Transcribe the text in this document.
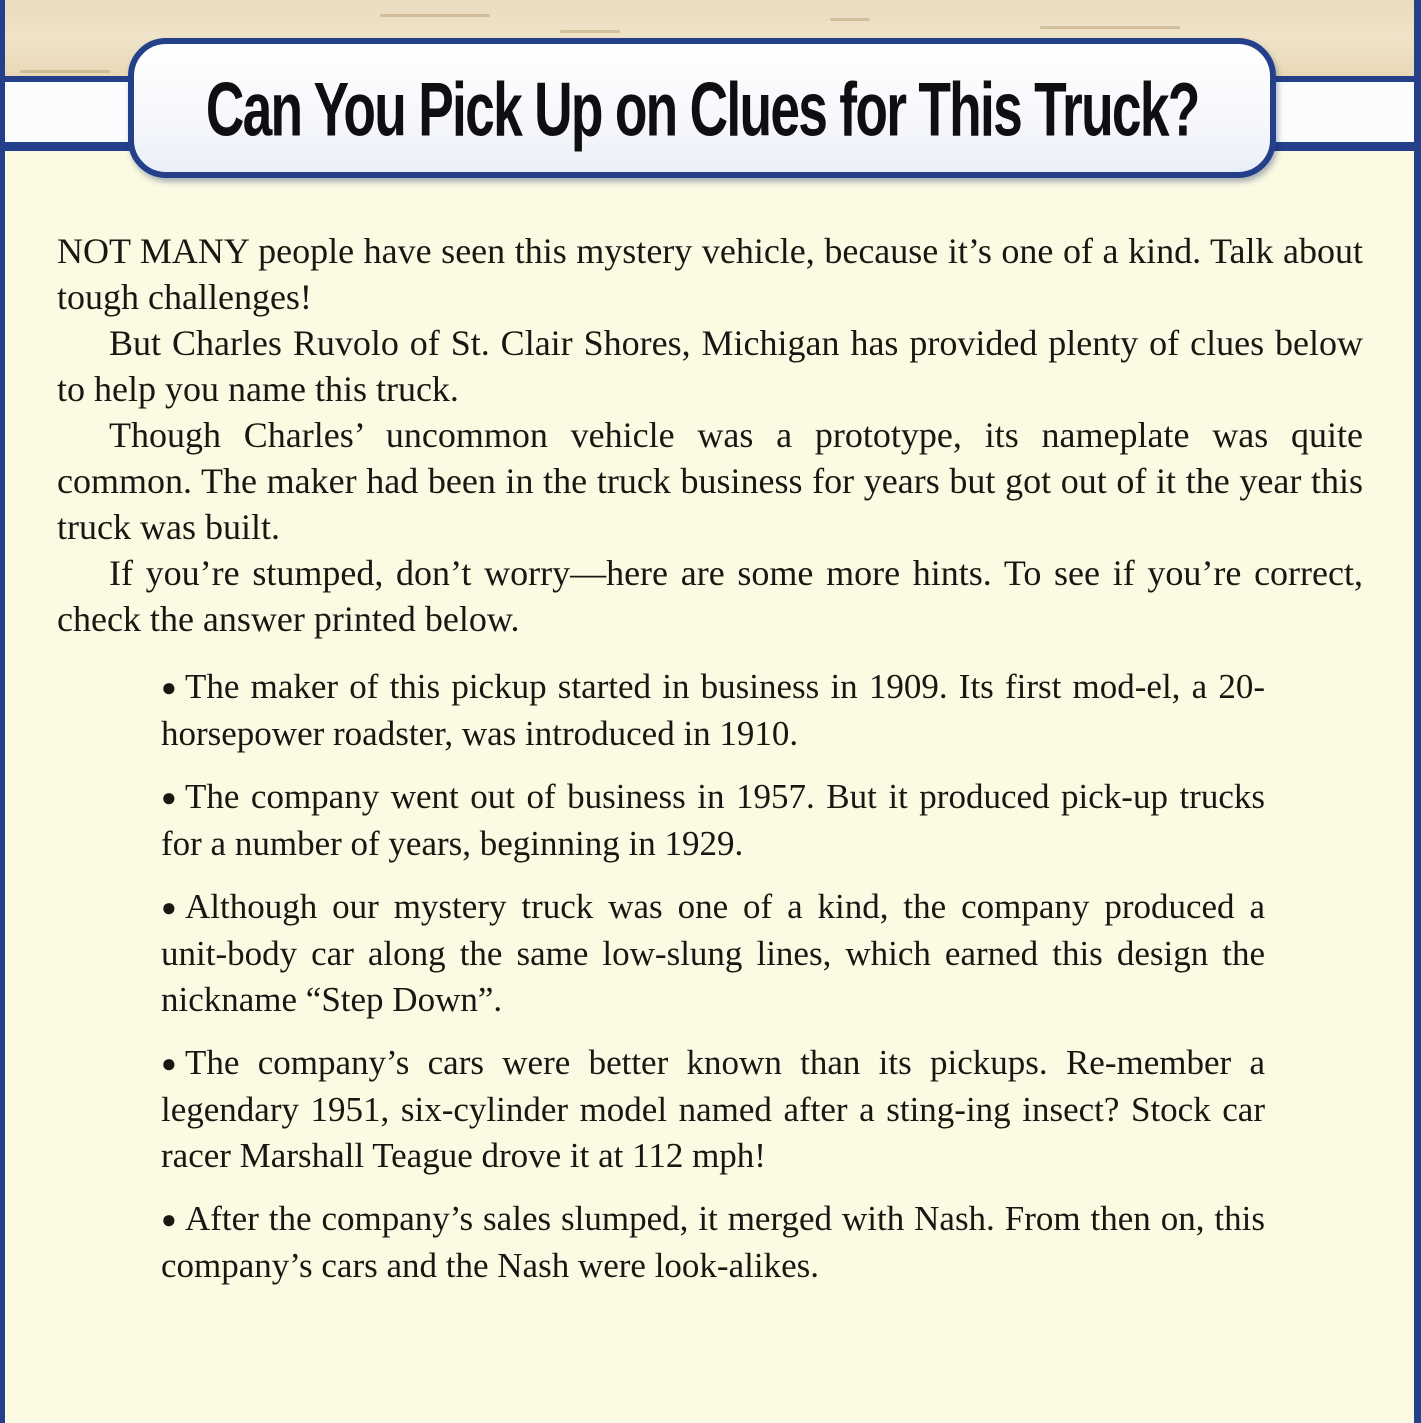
Can You Pick Up on Clues for This Truck?

NOT MANY people have seen this mystery vehicle, because it’s one of a kind. Talk about tough challenges!

But Charles Ruvolo of St. Clair Shores, Michigan has provided plenty of clues below to help you name this truck.

Though Charles’ uncommon vehicle was a prototype, its nameplate was quite common. The maker had been in the truck business for years but got out of it the year this truck was built.

If you’re stumped, don’t worry—here are some more hints. To see if you’re correct, check the answer printed below.

● The maker of this pickup started in business in 1909. Its first mod-el, a 20-horsepower roadster, was introduced in 1910.

● The company went out of business in 1957. But it produced pick-up trucks for a number of years, beginning in 1929.

● Although our mystery truck was one of a kind, the company produced a unit-body car along the same low-slung lines, which earned this design the nickname “Step Down”.

● The company’s cars were better known than its pickups. Re-member a legendary 1951, six-cylinder model named after a sting-ing insect? Stock car racer Marshall Teague drove it at 112 mph!

● After the company’s sales slumped, it merged with Nash. From then on, this company’s cars and the Nash were look-alikes.
